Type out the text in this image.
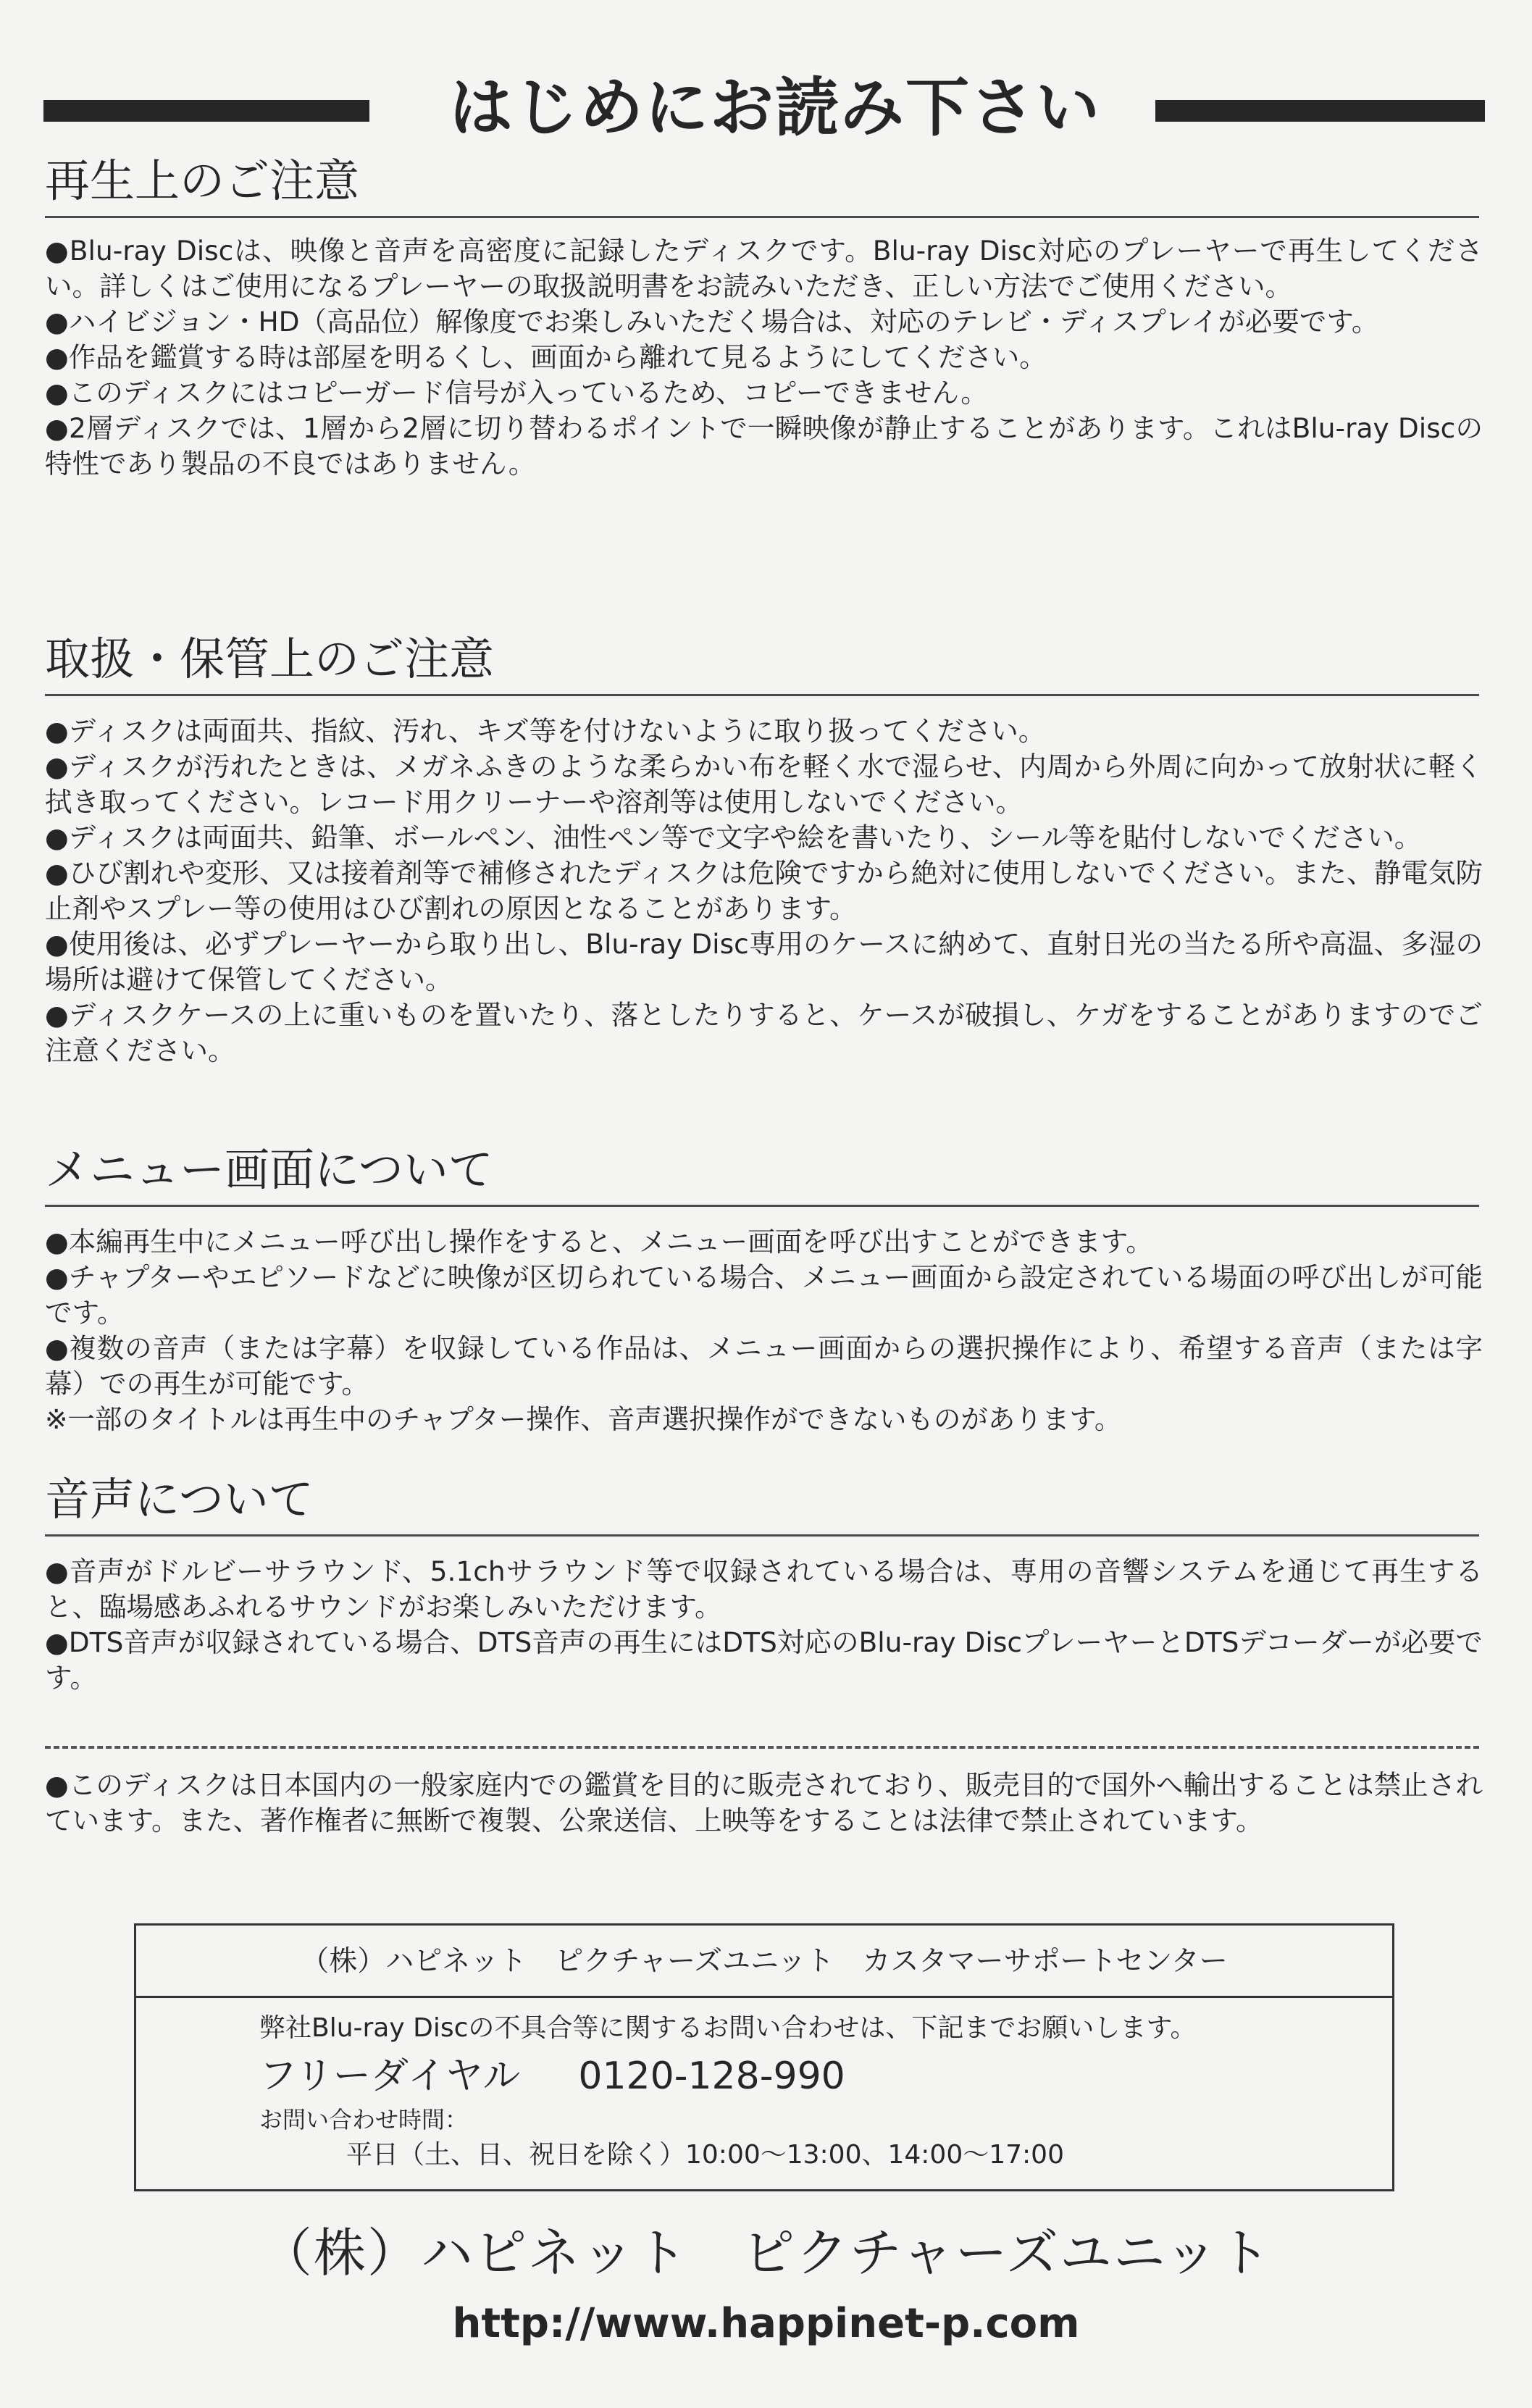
はじめにお読み下さい
再生上のご注意

●Blu-ray Discは、映像と音声を高密度に記録したディスクです。Blu-ray Disc対応のプレーヤーで再生してください。詳しくはご使用になるプレーヤーの取扱説明書をお読みいただき、正しい方法でご使用ください。

●ハイビジョン・HD（高品位）解像度でお楽しみいただく場合は、対応のテレビ・ディスプレイが必要です。

●作品を鑑賞する時は部屋を明るくし、画面から離れて見るようにしてください。

●このディスクにはコピーガード信号が入っているため、コピーできません。

●2層ディスクでは、1層から2層に切り替わるポイントで一瞬映像が静止することがあります。これはBlu-ray Discの特性であり製品の不良ではありません。

取扱・保管上のご注意

●ディスクは両面共、指紋、汚れ、キズ等を付けないように取り扱ってください。

●ディスクが汚れたときは、メガネふきのような柔らかい布を軽く水で湿らせ、内周から外周に向かって放射状に軽く拭き取ってください。レコード用クリーナーや溶剤等は使用しないでください。

●ディスクは両面共、鉛筆、ボールペン、油性ペン等で文字や絵を書いたり、シール等を貼付しないでください。

●ひび割れや変形、又は接着剤等で補修されたディスクは危険ですから絶対に使用しないでください。また、静電気防止剤やスプレー等の使用はひび割れの原因となることがあります。

●使用後は、必ずプレーヤーから取り出し、Blu-ray Disc専用のケースに納めて、直射日光の当たる所や高温、多湿の場所は避けて保管してください。

●ディスクケースの上に重いものを置いたり、落としたりすると、ケースが破損し、ケガをすることがありますのでご注意ください。

メニュー画面について

●本編再生中にメニュー呼び出し操作をすると、メニュー画面を呼び出すことができます。

●チャプターやエピソードなどに映像が区切られている場合、メニュー画面から設定されている場面の呼び出しが可能です。

●複数の音声（または字幕）を収録している作品は、メニュー画面からの選択操作により、希望する音声（または字幕）での再生が可能です。

※一部のタイトルは再生中のチャプター操作、音声選択操作ができないものがあります。

音声について

●音声がドルビーサラウンド、5.1chサラウンド等で収録されている場合は、専用の音響システムを通じて再生すると、臨場感あふれるサウンドがお楽しみいただけます。

●DTS音声が収録されている場合、DTS音声の再生にはDTS対応のBlu-ray DiscプレーヤーとDTSデコーダーが必要です。

●このディスクは日本国内の一般家庭内での鑑賞を目的に販売されており、販売目的で国外へ輸出することは禁止されています。また、著作権者に無断で複製、公衆送信、上映等をすることは法律で禁止されています。

（株）ハピネット　ピクチャーズユニット　カスタマーサポートセンター
弊社Blu-ray Discの不具合等に関するお問い合わせは、下記までお願いします。
フリーダイヤル 0120-128-990
お問い合わせ時間：
平日（土、日、祝日を除く）10:00〜13:00、14:00〜17:00
（株）ハピネット　ピクチャーズユニット
http://www.happinet-p.com
